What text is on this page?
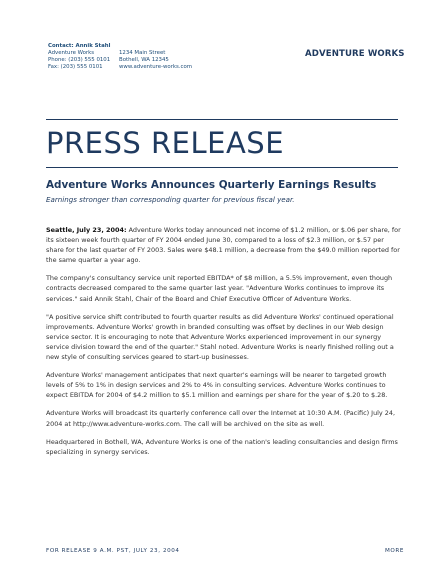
Contact: Annik Stahl
Adventure Works	1234 Main Street
Phone: (203) 555 0101	Bothell, WA 12345
Fax: (203) 555 0101	www.adventure-works.com
ADVENTURE WORKS
PRESS RELEASE
Adventure Works Announces Quarterly Earnings Results
Earnings stronger than corresponding quarter for previous fiscal year.

Seattle, July 23, 2004: Adventure Works today announced net income of $1.2 million, or $.06 per share, for its sixteen week fourth quarter of FY 2004 ended June 30, compared to a loss of $2.3 million, or $.57 per share for the last quarter of FY 2003. Sales were $48.1 million, a decrease from the $49.0 million reported for the same quarter a year ago.

The company's consultancy service unit reported EBITDA* of $8 million, a 5.5% improvement, even though contracts decreased compared to the same quarter last year. "Adventure Works continues to improve its services." said Annik Stahl, Chair of the Board and Chief Executive Officer of Adventure Works.

"A positive service shift contributed to fourth quarter results as did Adventure Works' continued operational improvements. Adventure Works' growth in branded consulting was offset by declines in our Web design service sector. It is encouraging to note that Adventure Works experienced improvement in our synergy service division toward the end of the quarter." Stahl noted. Adventure Works is nearly finished rolling out a new style of consulting services geared to start-up businesses.

Adventure Works' management anticipates that next quarter's earnings will be nearer to targeted growth levels of 5% to 1% in design services and 2% to 4% in consulting services. Adventure Works continues to expect EBITDA for 2004 of $4.2 million to $5.1 million and earnings per share for the year of $.20 to $.28.

Adventure Works will broadcast its quarterly conference call over the Internet at 10:30 A.M. (Pacific) July 24, 2004 at http://www.adventure-works.com. The call will be archived on the site as well.

Headquartered in Bothell, WA, Adventure Works is one of the nation's leading consultancies and design firms specializing in synergy services.

FOR RELEASE 9 A.M. PST, JULY 23, 2004	MORE
